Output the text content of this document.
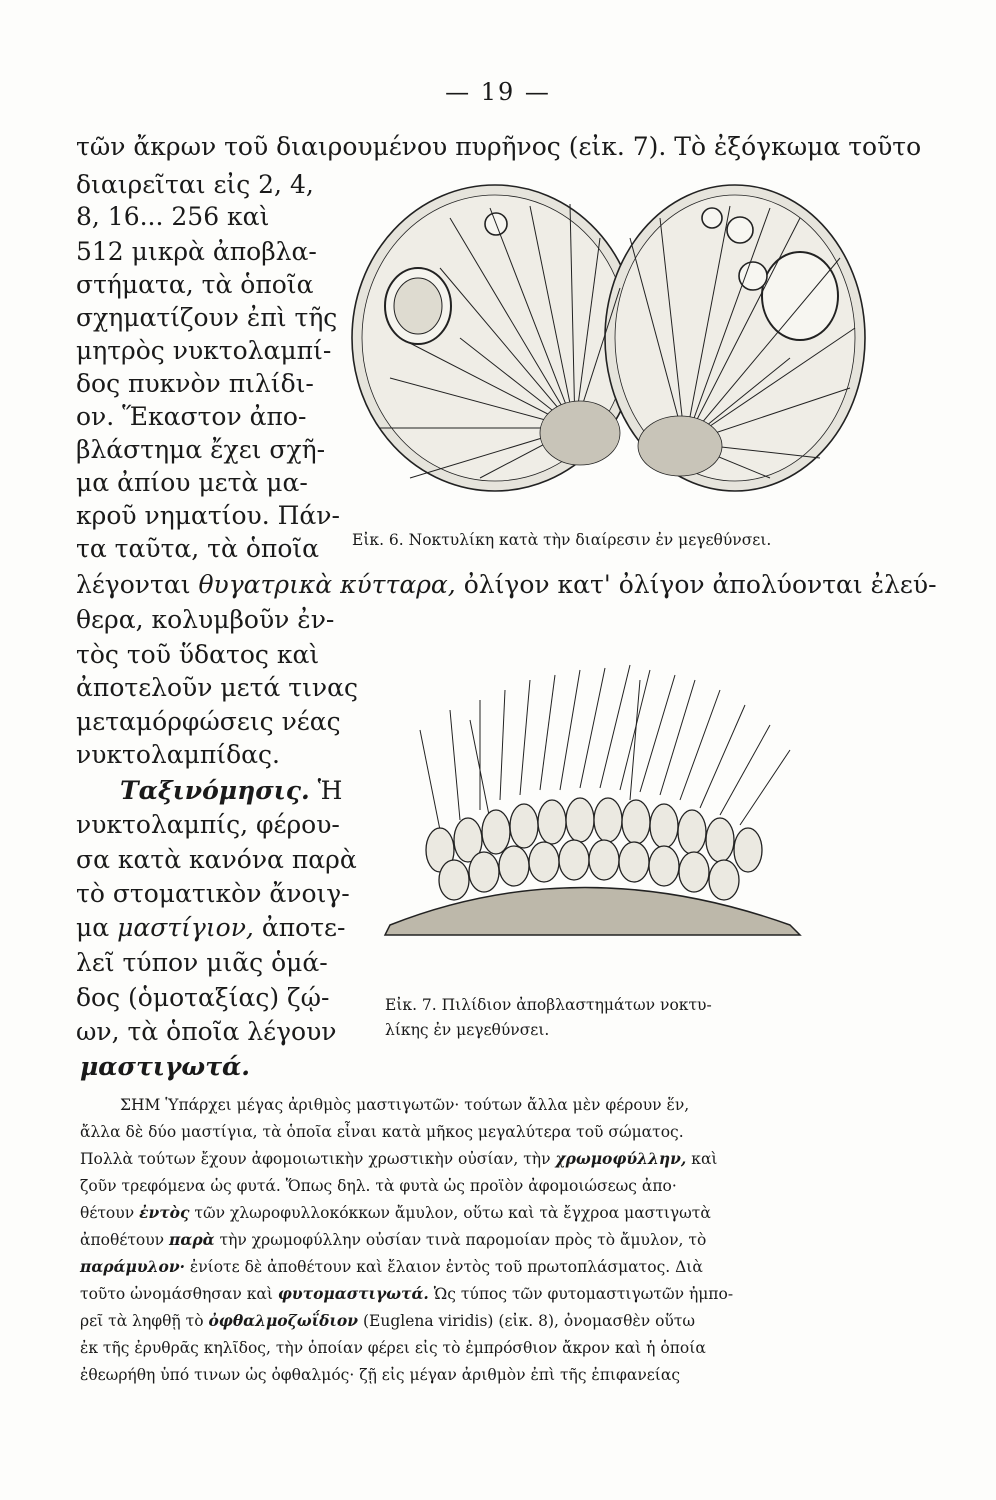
— 19 —
τῶν ἄκρων τοῦ διαιρουμένου πυρῆνος (εἰκ. 7). Τὸ ἐξόγκωμα τοῦτο
διαιρεῖται εἰς 2, 4,
8, 16... 256 καὶ
512 μικρὰ ἀποβλα-
στήματα, τὰ ὁποῖα
σχηματίζουν ἐπὶ τῆς
μητρὸς νυκτολαμπί-
δος πυκνὸν πιλίδι-
ον. Ἕκαστον ἀπο-
βλάστημα ἔχει σχῆ-
μα ἀπίου μετὰ μα-
κροῦ νηματίου. Πάν-
τα ταῦτα, τὰ ὁποῖα
λέγονται θυγατρικὰ κύτταρα, ὀλίγον κατ' ὀλίγον ἀπολύονται ἐλεύ-
θερα, κολυμβοῦν ἐν-
τὸς τοῦ ὕδατος καὶ
ἀποτελοῦν μετά τινας
μεταμόρφώσεις νέας
νυκτολαμπίδας.
Ταξινόμησις. Ἡ
νυκτολαμπίς, φέρου-
σα κατὰ κανόνα παρὰ
τὸ στοματικὸν ἄνοιγ-
μα μαστίγιον, ἀποτε-
λεῖ τύπον μιᾶς ὁμά-
δος (ὁμοταξίας) ζῴ-
ων, τὰ ὁποῖα λέγουν
μαστιγωτά.
Εἰκ. 6. Νοκτυλίκη κατὰ τὴν διαίρεσιν ἐν μεγεθύνσει.
Εἰκ. 7. Πιλίδιον ἀποβλαστημάτων νοκτυ-
λίκης ἐν μεγεθύνσει.
ΣΗΜ Ὑπάρχει μέγας ἀριθμὸς μαστιγωτῶν· τούτων ἄλλα μὲν φέρουν ἕν,
ἄλλα δὲ δύο μαστίγια, τὰ ὁποῖα εἶναι κατὰ μῆκος μεγαλύτερα τοῦ σώματος.
Πολλὰ τούτων ἔχουν ἀφομοιωτικὴν χρωστικὴν οὐσίαν, τὴν χρωμοφύλλην, καὶ
ζοῦν τρεφόμενα ὡς φυτά. Ὅπως δηλ. τὰ φυτὰ ὡς προϊὸν ἀφομοιώσεως ἀπο·
θέτουν ἐντὸς τῶν χλωροφυλλοκόκκων ἄμυλον, οὕτω καὶ τὰ ἔγχροα μαστιγωτὰ
ἀποθέτουν παρὰ τὴν χρωμοφύλλην οὐσίαν τινὰ παρομοίαν πρὸς τὸ ἄμυλον, τὸ
παράμυλον· ἐνίοτε δὲ ἀποθέτουν καὶ ἔλαιον ἐντὸς τοῦ πρωτοπλάσματος. Διὰ
τοῦτο ὠνομάσθησαν καὶ φυτομαστιγωτά. Ὡς τύπος τῶν φυτομαστιγωτῶν ἠμπο-
ρεῖ τὰ ληφθῇ τὸ ὀφθαλμοζωΐδιον (Euglena viridis) (εἰκ. 8), ὀνομασθὲν οὕτω
ἐκ τῆς ἐρυθρᾶς κηλῖδος, τὴν ὁποίαν φέρει εἰς τὸ ἐμπρόσθιον ἄκρον καὶ ἡ ὁποία
ἐθεωρήθη ὑπό τινων ὡς ὀφθαλμός· ζῇ εἰς μέγαν ἀριθμὸν ἐπὶ τῆς ἐπιφανείας
